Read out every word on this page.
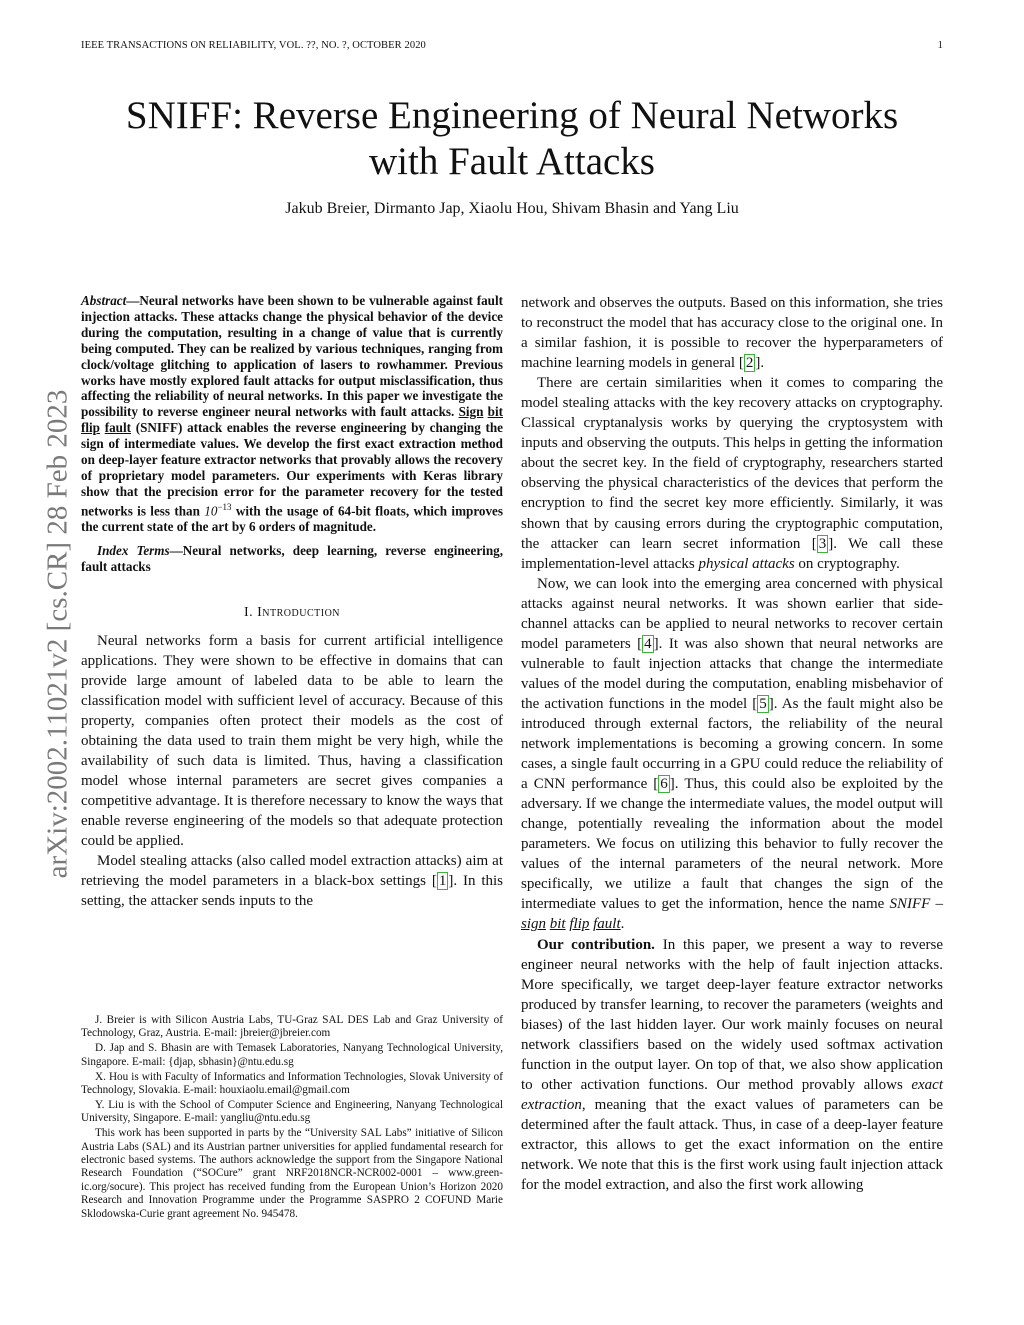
IEEE TRANSACTIONS ON RELIABILITY, VOL. ??, NO. ?, OCTOBER 2020	1
arXiv:2002.11021v2 [cs.CR] 28 Feb 2023
SNIFF: Reverse Engineering of Neural Networks
with Fault Attacks
Jakub Breier, Dirmanto Jap, Xiaolu Hou, Shivam Bhasin and Yang Liu

Abstract—Neural networks have been shown to be vulnerable against fault injection attacks. These attacks change the physical behavior of the device during the computation, resulting in a change of value that is currently being computed. They can be realized by various techniques, ranging from clock/voltage glitching to application of lasers to rowhammer. Previous works have mostly explored fault attacks for output misclassification, thus affecting the reliability of neural networks. In this paper we investigate the possibility to reverse engineer neural networks with fault attacks. Sign bit flip fault (SNIFF) attack enables the reverse engineering by changing the sign of intermediate values. We develop the first exact extraction method on deep-layer feature extractor networks that provably allows the recovery of proprietary model parameters. Our experiments with Keras library show that the precision error for the parameter recovery for the tested networks is less than $10^{-13}$ with the usage of 64-bit floats, which improves the current state of the art by 6 orders of magnitude.

Index Terms—Neural networks, deep learning, reverse engineering, fault attacks

I. Introduction

Neural networks form a basis for current artificial intelligence applications. They were shown to be effective in domains that can provide large amount of labeled data to be able to learn the classification model with sufficient level of accuracy. Because of this property, companies often protect their models as the cost of obtaining the data used to train them might be very high, while the availability of such data is limited. Thus, having a classification model whose internal parameters are secret gives companies a competitive advantage. It is therefore necessary to know the ways that enable reverse engineering of the models so that adequate protection could be applied.

Model stealing attacks (also called model extraction attacks) aim at retrieving the model parameters in a black-box settings [ 1 ]. In this setting, the attacker sends inputs to the

J. Breier is with Silicon Austria Labs, TU-Graz SAL DES Lab and Graz University of Technology, Graz, Austria. E-mail: jbreier@jbreier.com

D. Jap and S. Bhasin are with Temasek Laboratories, Nanyang Technological University, Singapore. E-mail: {djap, sbhasin}@ntu.edu.sg

X. Hou is with Faculty of Informatics and Information Technologies, Slovak University of Technology, Slovakia. E-mail: houxiaolu.email@gmail.com

Y. Liu is with the School of Computer Science and Engineering, Nanyang Technological University, Singapore. E-mail: yangliu@ntu.edu.sg

This work has been supported in parts by the “University SAL Labs” initiative of Silicon Austria Labs (SAL) and its Austrian partner universities for applied fundamental research for electronic based systems. The authors acknowledge the support from the Singapore National Research Foundation (“SOCure” grant NRF2018NCR-NCR002-0001 – www.green-ic.org/socure). This project has received funding from the European Union’s Horizon 2020 Research and Innovation Programme under the Programme SASPRO 2 COFUND Marie Sklodowska-Curie grant agreement No. 945478.

network and observes the outputs. Based on this information, she tries to reconstruct the model that has accuracy close to the original one. In a similar fashion, it is possible to recover the hyperparameters of machine learning models in general [ 2 ].

There are certain similarities when it comes to comparing the model stealing attacks with the key recovery attacks on cryptography. Classical cryptanalysis works by querying the cryptosystem with inputs and observing the outputs. This helps in getting the information about the secret key. In the field of cryptography, researchers started observing the physical characteristics of the devices that perform the encryption to find the secret key more efficiently. Similarly, it was shown that by causing errors during the cryptographic computation, the attacker can learn secret information [ 3 ]. We call these implementation-level attacks physical attacks on cryptography.

Now, we can look into the emerging area concerned with physical attacks against neural networks. It was shown earlier that side-channel attacks can be applied to neural networks to recover certain model parameters [ 4 ]. It was also shown that neural networks are vulnerable to fault injection attacks that change the intermediate values of the model during the computation, enabling misbehavior of the activation functions in the model [ 5 ]. As the fault might also be introduced through external factors, the reliability of the neural network implementations is becoming a growing concern. In some cases, a single fault occurring in a GPU could reduce the reliability of a CNN performance [ 6 ]. Thus, this could also be exploited by the adversary. If we change the intermediate values, the model output will change, potentially revealing the information about the model parameters. We focus on utilizing this behavior to fully recover the values of the internal parameters of the neural network. More specifically, we utilize a fault that changes the sign of the intermediate values to get the information, hence the name SNIFF – sign bit flip fault.

Our contribution. In this paper, we present a way to reverse engineer neural networks with the help of fault injection attacks. More specifically, we target deep-layer feature extractor networks produced by transfer learning, to recover the parameters (weights and biases) of the last hidden layer. Our work mainly focuses on neural network classifiers based on the widely used softmax activation function in the output layer. On top of that, we also show application to other activation functions. Our method provably allows exact extraction, meaning that the exact values of parameters can be determined after the fault attack. Thus, in case of a deep-layer feature extractor, this allows to get the exact information on the entire network. We note that this is the first work using fault injection attack for the model extraction, and also the first work allowing
